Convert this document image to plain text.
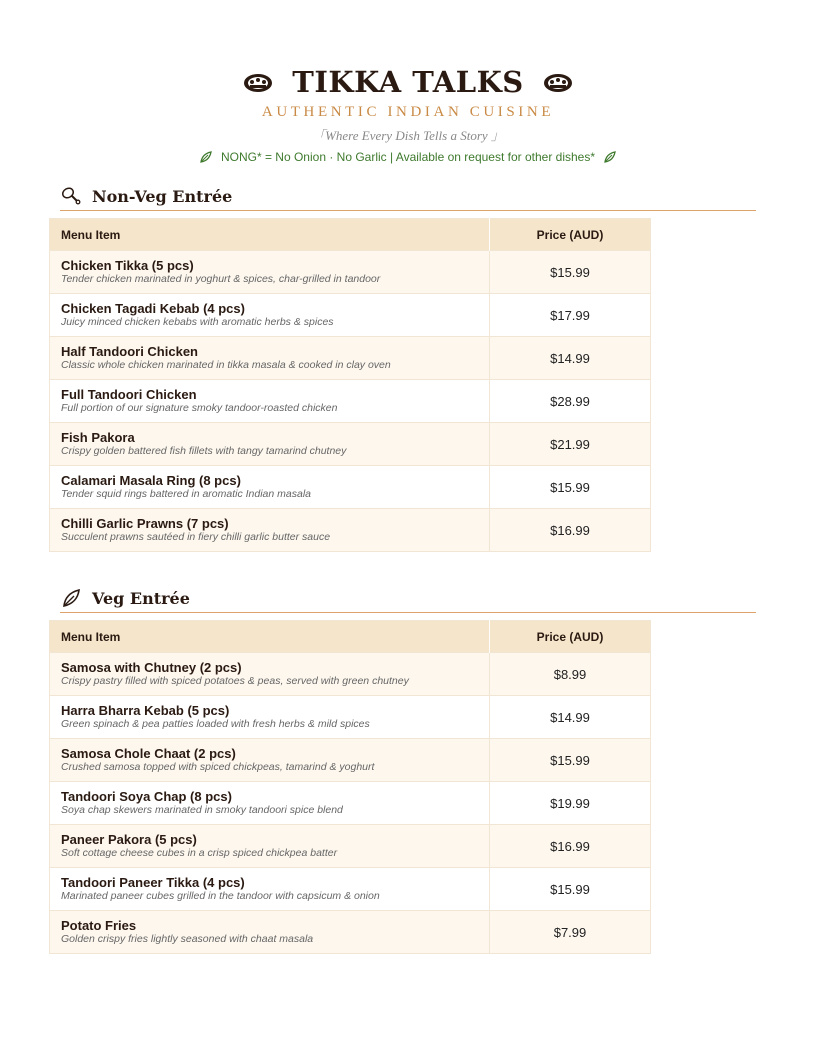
TIKKA TALKS
AUTHENTIC INDIAN CUISINE
「Where Every Dish Tells a Story 」
NONG* = No Onion · No Garlic | Available on request for other dishes*
Non-Veg Entrée
Menu Item	Price (AUD)

Chicken Tikka (5 pcs)
Tender chicken marinated in yoghurt & spices, char-grilled in tandoor	$15.99

Chicken Tagadi Kebab (4 pcs)
Juicy minced chicken kebabs with aromatic herbs & spices	$17.99

Half Tandoori Chicken
Classic whole chicken marinated in tikka masala & cooked in clay oven	$14.99

Full Tandoori Chicken
Full portion of our signature smoky tandoor-roasted chicken	$28.99

Fish Pakora
Crispy golden battered fish fillets with tangy tamarind chutney	$21.99

Calamari Masala Ring (8 pcs)
Tender squid rings battered in aromatic Indian masala	$15.99

Chilli Garlic Prawns (7 pcs)
Succulent prawns sautéed in fiery chilli garlic butter sauce	$16.99
Veg Entrée
Menu Item	Price (AUD)

Samosa with Chutney (2 pcs)
Crispy pastry filled with spiced potatoes & peas, served with green chutney	$8.99

Harra Bharra Kebab (5 pcs)
Green spinach & pea patties loaded with fresh herbs & mild spices	$14.99

Samosa Chole Chaat (2 pcs)
Crushed samosa topped with spiced chickpeas, tamarind & yoghurt	$15.99

Tandoori Soya Chap (8 pcs)
Soya chap skewers marinated in smoky tandoori spice blend	$19.99

Paneer Pakora (5 pcs)
Soft cottage cheese cubes in a crisp spiced chickpea batter	$16.99

Tandoori Paneer Tikka (4 pcs)
Marinated paneer cubes grilled in the tandoor with capsicum & onion	$15.99

Potato Fries
Golden crispy fries lightly seasoned with chaat masala	$7.99
